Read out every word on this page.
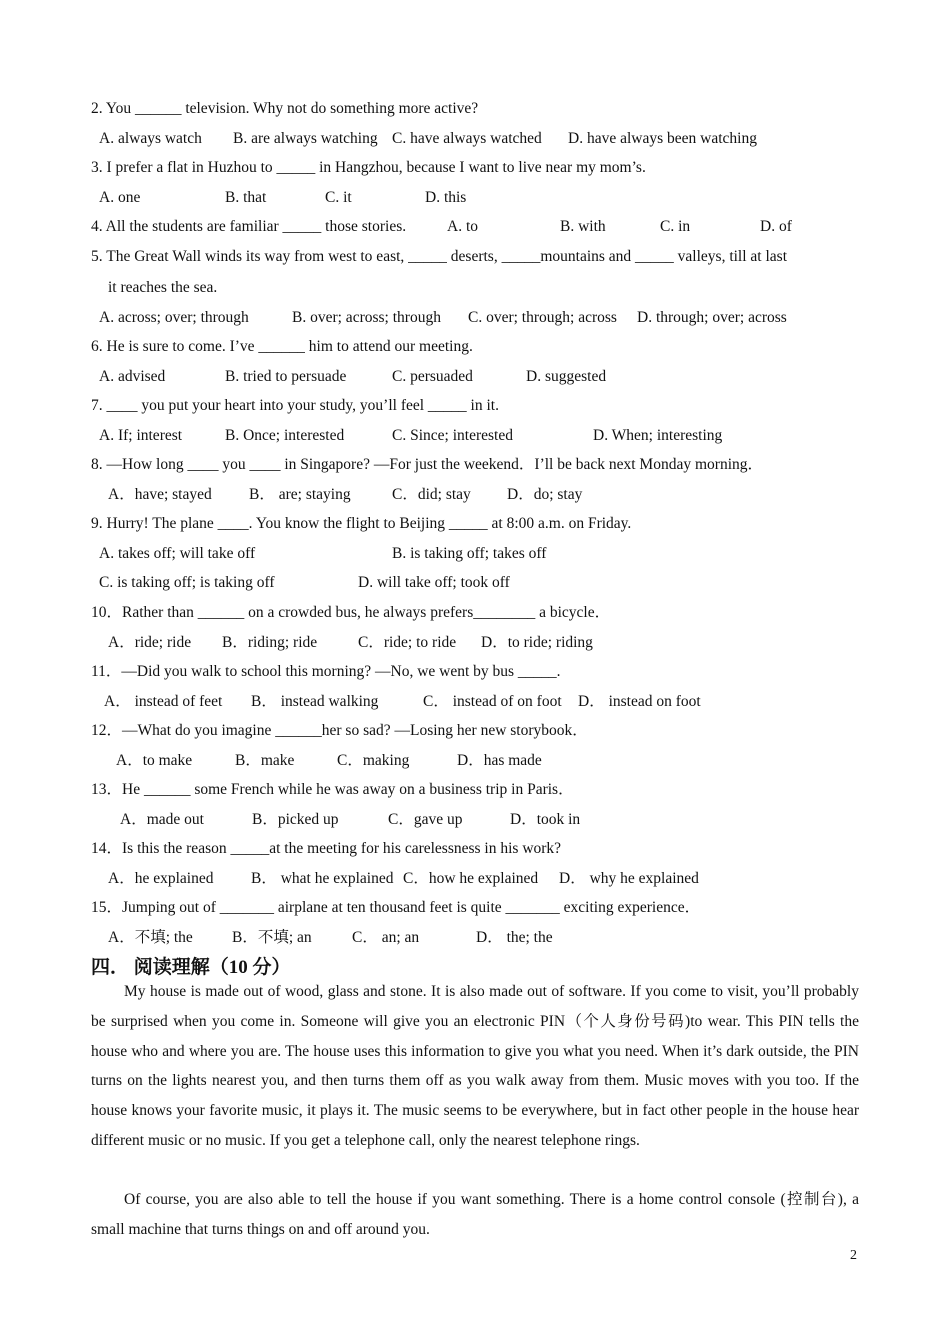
2. You ______ television. Why not do something more active?
A. always watch B. are always watching C. have always watched D. have always been watching
3. I prefer a flat in Huzhou to _____ in Hangzhou, because I want to live near my mom’s.
A. one	B. that	C. it	D. this
4. All the students are familiar _____ those stories.	A. to	B. with	C. in	D. of
5. The Great Wall winds its way from west to east, _____ deserts, _____mountains and _____ valleys, till at last
it reaches the sea.
A. across; over; through	B. over; across; through C. over; through; across D. through; over; across
6. He is sure to come. I’ve ______ him to attend our meeting.
A. advised	B. tried to persuade	C. persuaded	D. suggested
7. ____ you put your heart into your study, you’ll feel _____ in it.
A. If; interest	B. Once; interested	C. Since; interested	D. When; interesting
8. —How long ____ you ____ in Singapore? —For just the weekend．I’ll be back next Monday morning．
A．have; stayed B． are; staying	C．did; stay D．do; stay
9. Hurry! The plane ____. You know the flight to Beijing _____ at 8:00 a.m. on Friday.
A. takes off; will take off	B. is taking off; takes off
C. is taking off; is taking off	D. will take off; took off
10．Rather than ______ on a crowded bus, he always prefers________ a bicycle．
A．ride; ride B．riding; ride	C．ride; to ride D．to ride; riding
11．—Did you walk to school this morning? —No, we went by bus _____.
A． instead of feet B． instead walking	C． instead of on foot D． instead on foot
12．—What do you imagine ______her so sad? —Losing her new storybook．
A．to make	B．make	C．making	D．has made
13．He ______ some French while he was away on a business trip in Paris．
A．made out	B．picked up	C．gave up	D．took in
14．Is this the reason _____at the meeting for his carelessness in his work?
A．he explained B． what he explained C．how he explained D． why he explained
15．Jumping out of _______ airplane at ten thousand feet is quite _______ exciting experience．
A．不填; the	B．不填; an	C． an; an	D． the; the
四． 阅读理解（10 分）
My house is made out of wood, glass and stone. It is also made out of software. If you come to visit, you’ll probably be surprised when you come in. Someone will give you an electronic PIN（个人身份号码)to wear. This PIN tells the house who and where you are. The house uses this information to give you what you need. When it’s dark outside, the PIN turns on the lights nearest you, and then turns them off as you walk away from them. Music moves with you too. If the house knows your favorite music, it plays it. The music seems to be everywhere, but in fact other people in the house hear different music or no music. If you get a telephone call, only the nearest telephone rings.
Of course, you are also able to tell the house if you want something. There is a home control console (控制台), a small machine that turns things on and off around you.
2
